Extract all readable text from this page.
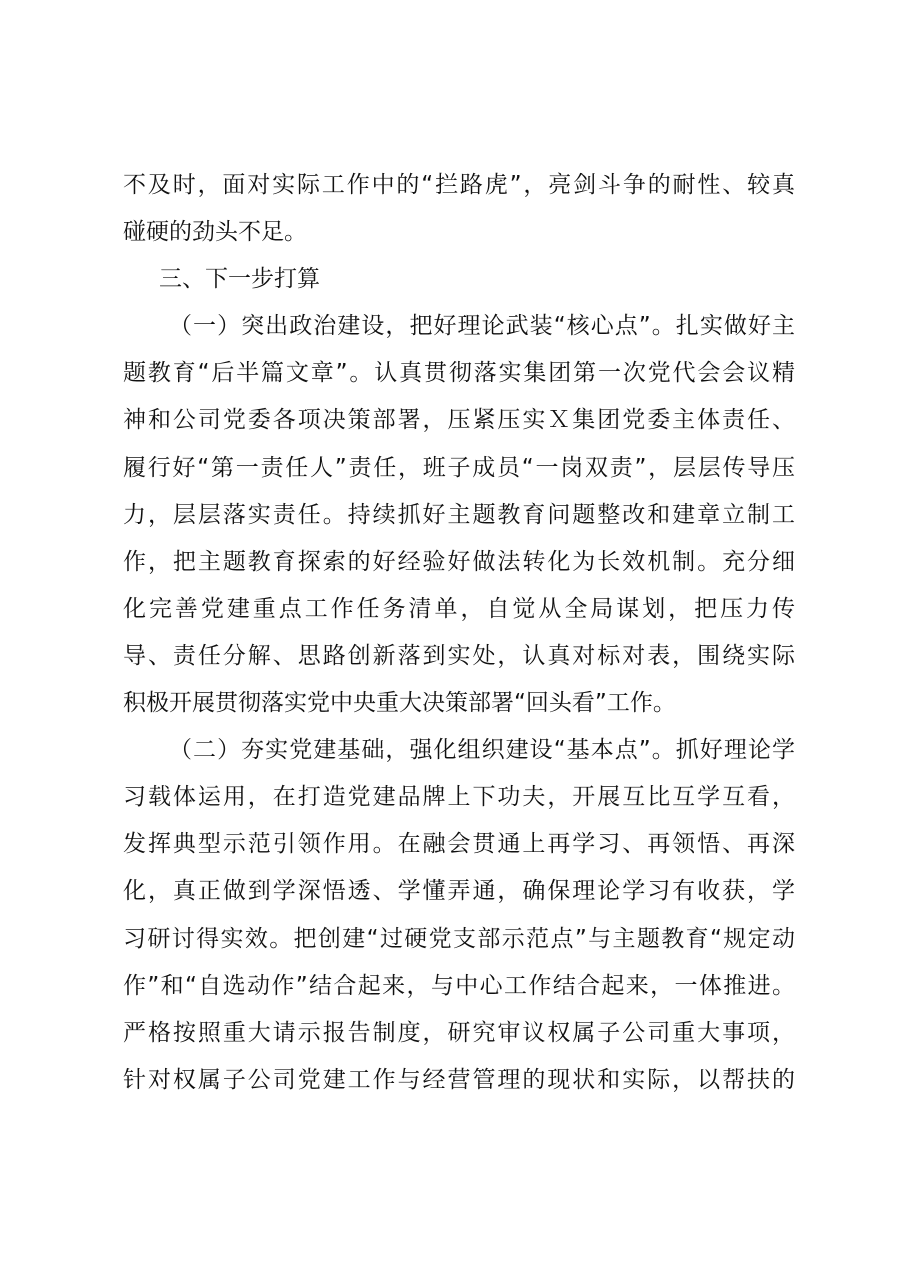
不及时，面对实际工作中的“拦路虎”，亮剑斗争的耐性、较真
碰硬的劲头不足。
三、下一步打算
（一）突出政治建设，把好理论武装“核心点”。扎实做好主
题教育“后半篇文章”。认真贯彻落实集团第一次党代会会议精
神和公司党委各项决策部署，压紧压实Ｘ集团党委主体责任、
履行好“第一责任人”责任，班子成员“一岗双责”，层层传导压
力，层层落实责任。持续抓好主题教育问题整改和建章立制工
作，把主题教育探索的好经验好做法转化为长效机制。充分细
化完善党建重点工作任务清单，自觉从全局谋划，把压力传
导、责任分解、思路创新落到实处，认真对标对表，围绕实际
积极开展贯彻落实党中央重大决策部署“回头看”工作。
（二）夯实党建基础，强化组织建设“基本点”。抓好理论学
习载体运用，在打造党建品牌上下功夫，开展互比互学互看，
发挥典型示范引领作用。在融会贯通上再学习、再领悟、再深
化，真正做到学深悟透、学懂弄通，确保理论学习有收获，学
习研讨得实效。把创建“过硬党支部示范点”与主题教育“规定动
作”和“自选动作”结合起来，与中心工作结合起来，一体推进。
严格按照重大请示报告制度，研究审议权属子公司重大事项，
针对权属子公司党建工作与经营管理的现状和实际，以帮扶的
